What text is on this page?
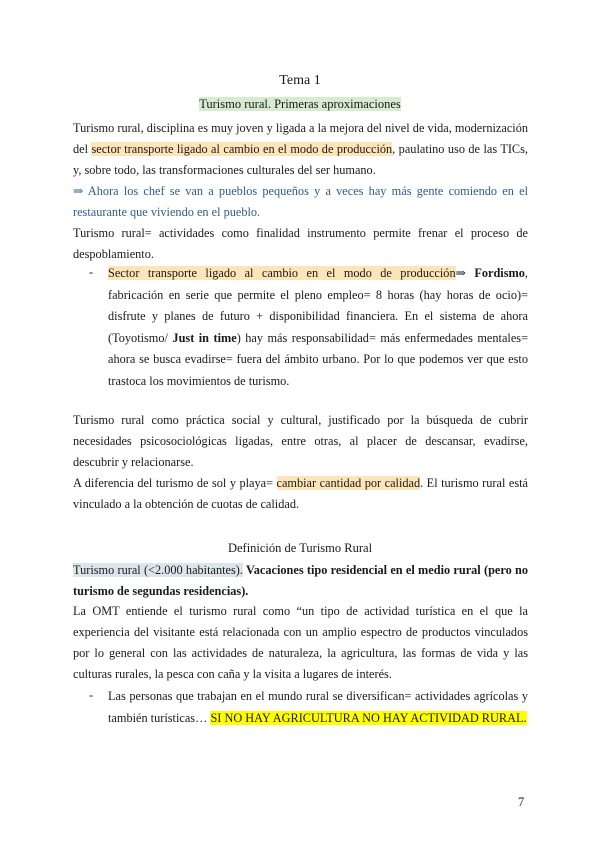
Tema 1
Turismo rural. Primeras aproximaciones
Turismo rural, disciplina es muy joven y ligada a la mejora del nivel de vida, modernización del sector transporte ligado al cambio en el modo de producción, paulatino uso de las TICs, y, sobre todo, las transformaciones culturales del ser humano.
⇒ Ahora los chef se van a pueblos pequeños y a veces hay más gente comiendo en el restaurante que viviendo en el pueblo.
Turismo rural= actividades como finalidad instrumento permite frenar el proceso de despoblamiento.
- Sector transporte ligado al cambio en el modo de producción⇒ Fordismo, fabricación en serie que permite el pleno empleo= 8 horas (hay horas de ocio)= disfrute y planes de futuro + disponibilidad financiera. En el sistema de ahora (Toyotismo/ Just in time) hay más responsabilidad= más enfermedades mentales= ahora se busca evadirse= fuera del ámbito urbano. Por lo que podemos ver que esto trastoca los movimientos de turismo.
Turismo rural como práctica social y cultural, justificado por la búsqueda de cubrir necesidades psicosociológicas ligadas, entre otras, al placer de descansar, evadirse, descubrir y relacionarse.
A diferencia del turismo de sol y playa= cambiar cantidad por calidad. El turismo rural está vinculado a la obtención de cuotas de calidad.
Definición de Turismo Rural
Turismo rural (<2.000 habitantes). Vacaciones tipo residencial en el medio rural (pero no turismo de segundas residencias).
La OMT entiende el turismo rural como “un tipo de actividad turística en el que la experiencia del visitante está relacionada con un amplio espectro de productos vinculados por lo general con las actividades de naturaleza, la agricultura, las formas de vida y las culturas rurales, la pesca con caña y la visita a lugares de interés.
- Las personas que trabajan en el mundo rural se diversifican= actividades agrícolas y también turísticas… SI NO HAY AGRICULTURA NO HAY ACTIVIDAD RURAL.
7
